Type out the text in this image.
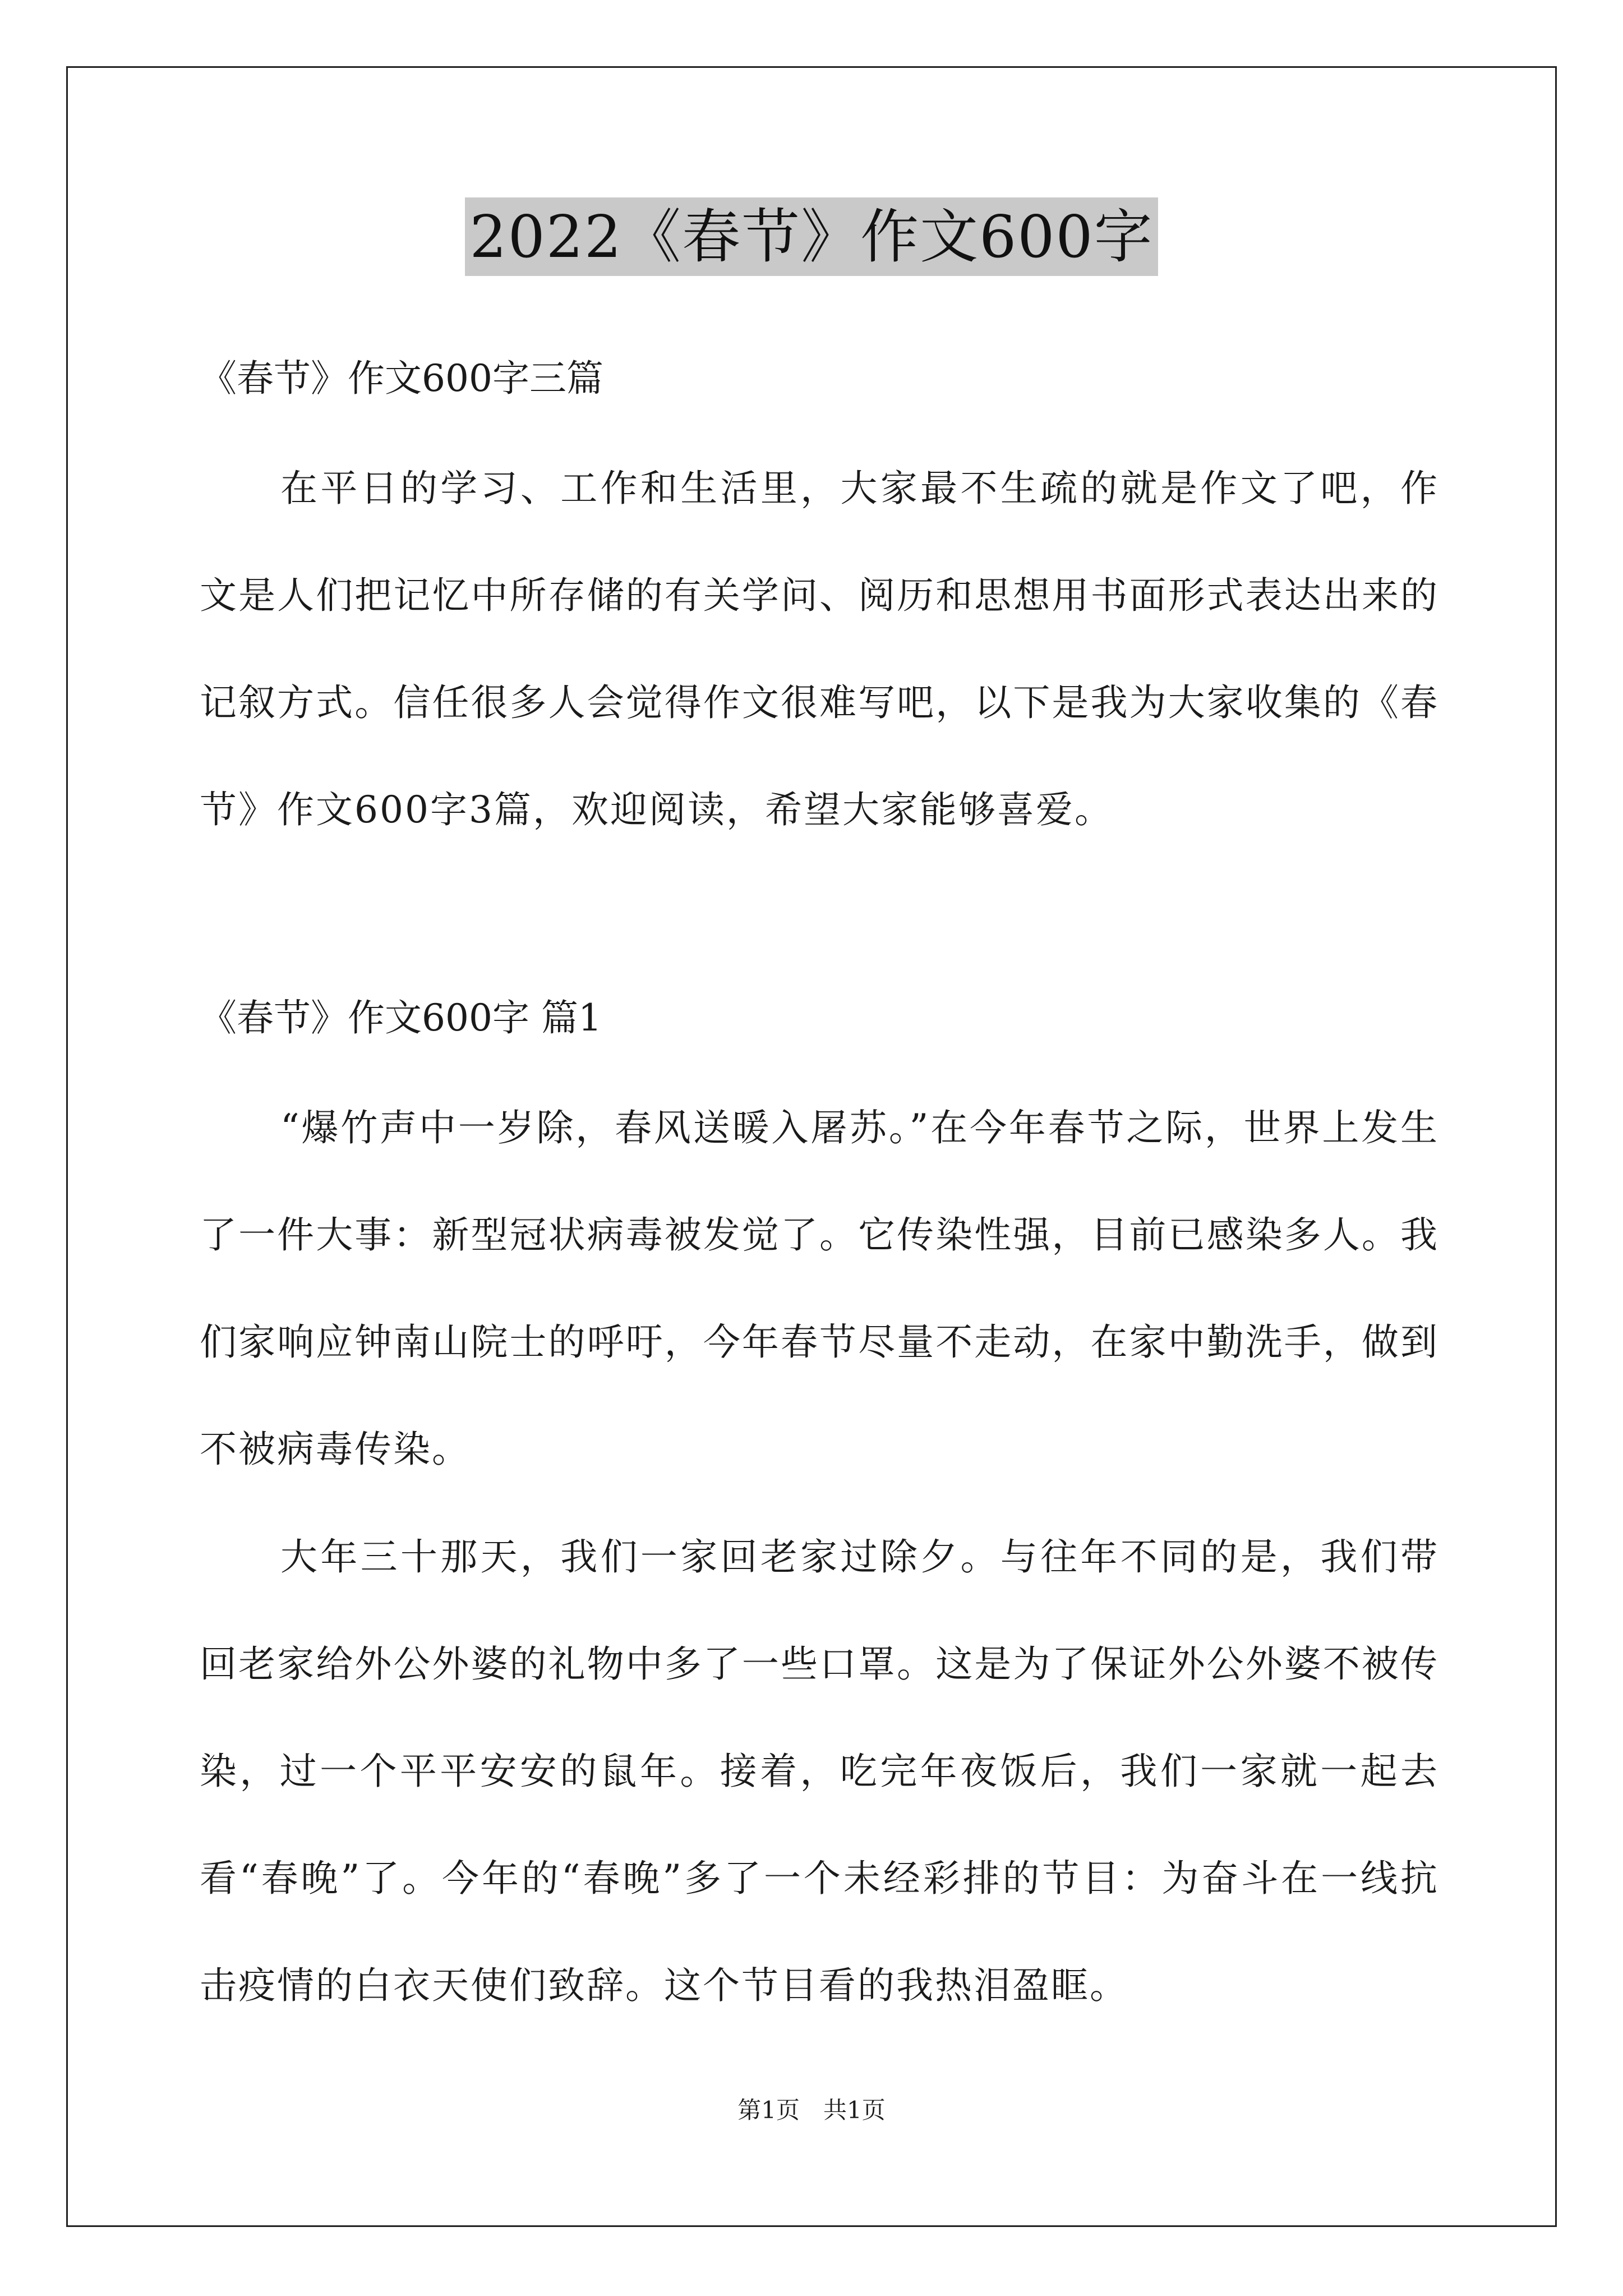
2022《春节》作文600字
《春节》作文600字三篇
在平日的学习、工作和生活里，大家最不生疏的就是作文了吧，作文是人们把记忆中所存储的有关学问、阅历和思想用书面形式表达出来的记叙方式。信任很多人会觉得作文很难写吧，以下是我为大家收集的《春节》作文600字3篇，欢迎阅读，希望大家能够喜爱。
《春节》作文600字 篇1
“爆竹声中一岁除，春风送暖入屠苏。”在今年春节之际，世界上发生了一件大事：新型冠状病毒被发觉了。它传染性强，目前已感染多人。我们家响应钟南山院士的呼吁，今年春节尽量不走动，在家中勤洗手，做到不被病毒传染。
大年三十那天，我们一家回老家过除夕。与往年不同的是，我们带回老家给外公外婆的礼物中多了一些口罩。这是为了保证外公外婆不被传染，过一个平平安安的鼠年。接着，吃完年夜饭后，我们一家就一起去看“春晚”了。今年的“春晚”多了一个未经彩排的节目：为奋斗在一线抗击疫情的白衣天使们致辞。这个节目看的我热泪盈眶。
第1页　共1页
